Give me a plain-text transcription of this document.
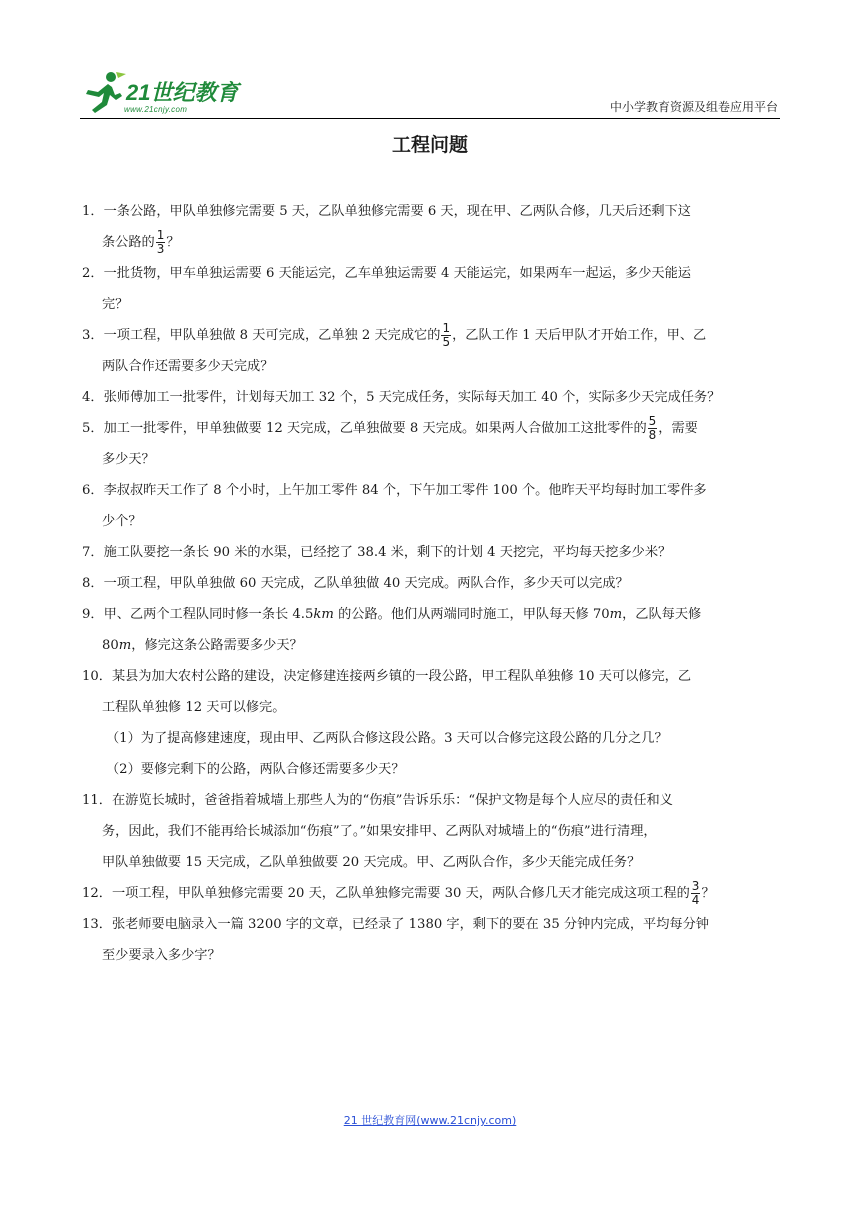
21世纪教育
www.21cnjy.com	中小学教育资源及组卷应用平台
工程问题

1．一条公路，甲队单独修完需要 5 天，乙队单独修完需要 6 天，现在甲、乙两队合修，几天后还剩下这

条公路的 $\frac{1}{3}$ ？

2．一批货物，甲车单独运需要 6 天能运完，乙车单独运需要 4 天能运完，如果两车一起运，多少天能运

完？

3．一项工程，甲队单独做 8 天可完成，乙单独 2 天完成它的 $\frac{1}{5}$ ，乙队工作 1 天后甲队才开始工作，甲、乙

两队合作还需要多少天完成？

4．张师傅加工一批零件，计划每天加工 32 个，5 天完成任务，实际每天加工 40 个，实际多少天完成任务？

5．加工一批零件，甲单独做要 12 天完成，乙单独做要 8 天完成。如果两人合做加工这批零件的 $\frac{5}{8}$ ，需要

多少天？

6．李叔叔昨天工作了 8 个小时，上午加工零件 84 个，下午加工零件 100 个。他昨天平均每时加工零件多

少个？

7．施工队要挖一条长 90 米的水渠，已经挖了 38.4 米，剩下的计划 4 天挖完，平均每天挖多少米？

8．一项工程，甲队单独做 60 天完成，乙队单独做 40 天完成。两队合作，多少天可以完成？

9．甲、乙两个工程队同时修一条长 4.5km 的公路。他们从两端同时施工，甲队每天修 70m，乙队每天修

80m，修完这条公路需要多少天？

10．某县为加大农村公路的建设，决定修建连接两乡镇的一段公路，甲工程队单独修 10 天可以修完，乙

工程队单独修 12 天可以修完。

（1）为了提高修建速度，现由甲、乙两队合修这段公路。3 天可以合修完这段公路的几分之几？

（2）要修完剩下的公路，两队合修还需要多少天？

11．在游览长城时，爸爸指着城墙上那些人为的“伤痕”告诉乐乐：“保护文物是每个人应尽的责任和义

务，因此，我们不能再给长城添加“伤痕”了。”如果安排甲、乙两队对城墙上的“伤痕”进行清理，

甲队单独做要 15 天完成，乙队单独做要 20 天完成。甲、乙两队合作，多少天能完成任务？

12．一项工程，甲队单独修完需要 20 天，乙队单独修完需要 30 天，两队合修几天才能完成这项工程的 $\frac{3}{4}$ ？

13．张老师要电脑录入一篇 3200 字的文章，已经录了 1380 字，剩下的要在 35 分钟内完成，平均每分钟

至少要录入多少字？

21 世纪教育网(www.21cnjy.com)
